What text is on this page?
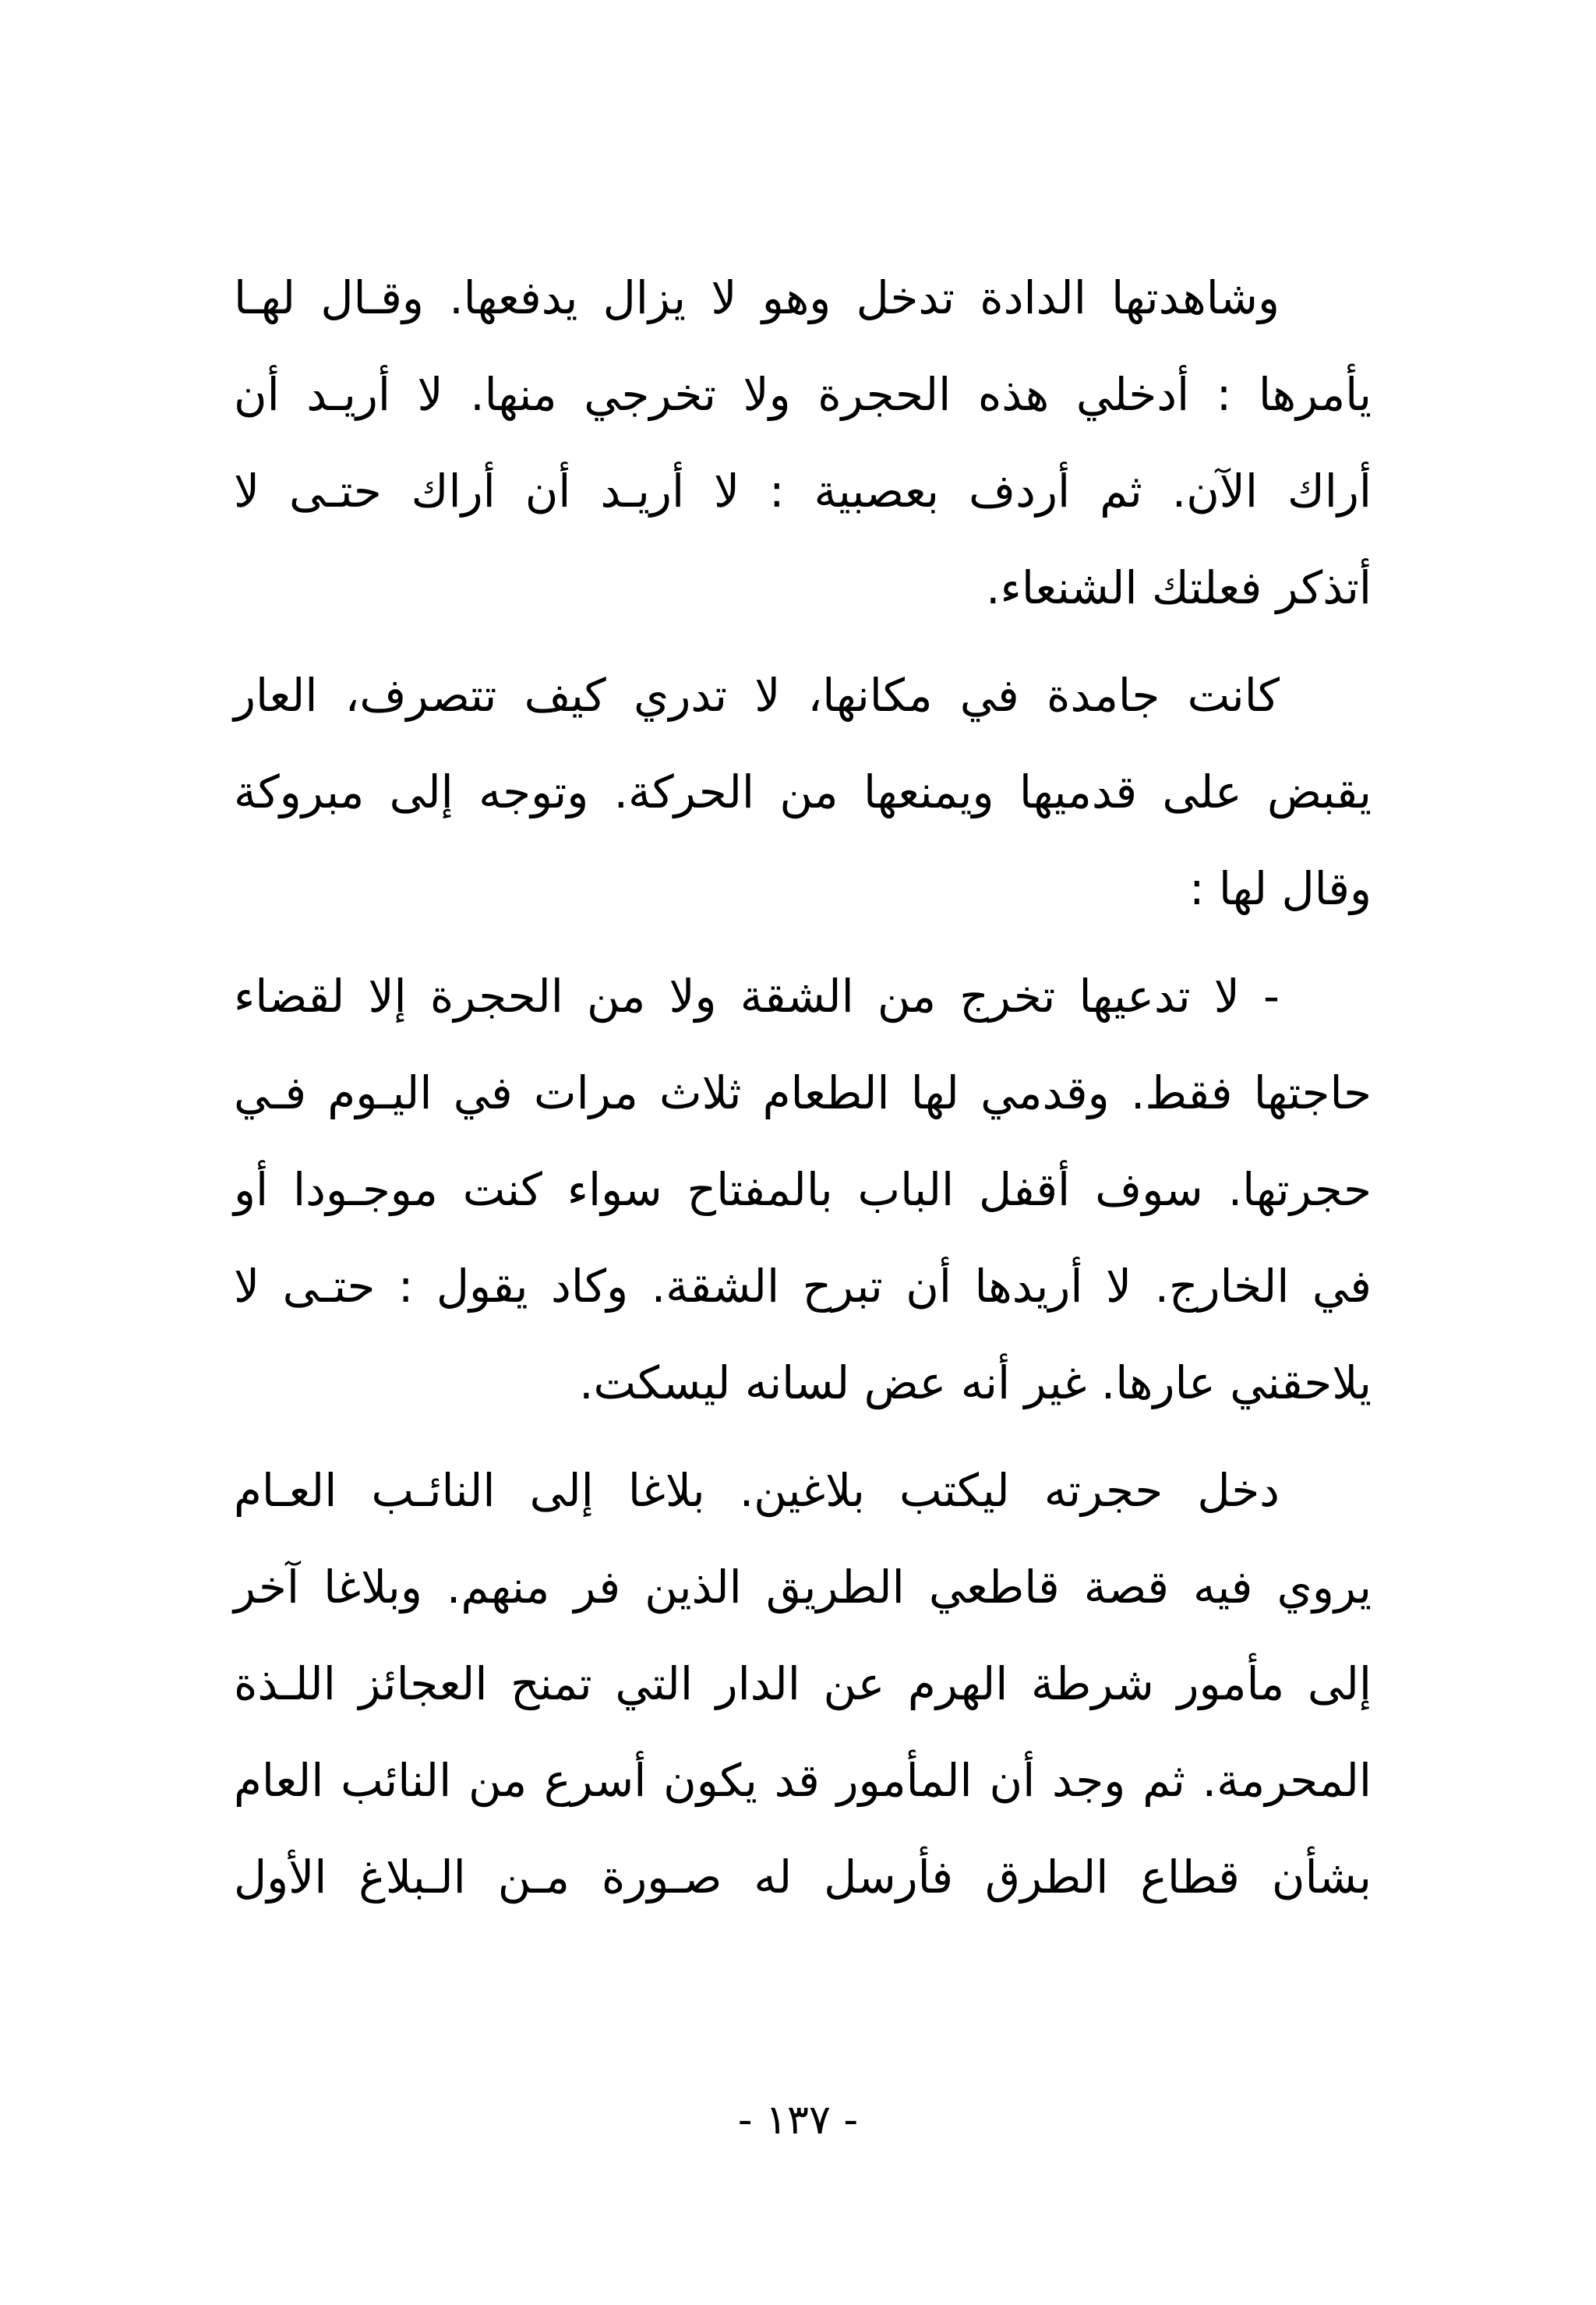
وشاهدتها الدادة تدخل وهو لا يزال يدفعها. وقـال لهـا
يأمرها : أدخلي هذه الحجرة ولا تخرجي منها. لا أريـد أن
أراك الآن. ثم أردف بعصبية : لا أريـد أن أراك حتـى لا
أتذكر فعلتك الشنعاء.
كانت جامدة في مكانها، لا تدري كيف تتصرف، العار
يقبض على قدميها ويمنعها من الحركة. وتوجه إلى مبروكة
وقال لها :
- لا تدعيها تخرج من الشقة ولا من الحجرة إلا لقضاء
حاجتها فقط. وقدمي لها الطعام ثلاث مرات في اليـوم فـي
حجرتها. سوف أقفل الباب بالمفتاح سواء كنت موجـودا أو
في الخارج. لا أريدها أن تبرح الشقة. وكاد يقول : حتـى لا
يلاحقني عارها. غير أنه عض لسانه ليسكت.
دخل حجرته ليكتب بلاغين. بلاغا إلى النائـب العـام
يروي فيه قصة قاطعي الطريق الذين فر منهم. وبلاغا آخر
إلى مأمور شرطة الهرم عن الدار التي تمنح العجائز اللـذة
المحرمة. ثم وجد أن المأمور قد يكون أسرع من النائب العام
بشأن قطاع الطرق فأرسل له صـورة مـن الـبلاغ الأول
- ١٣٧ -
